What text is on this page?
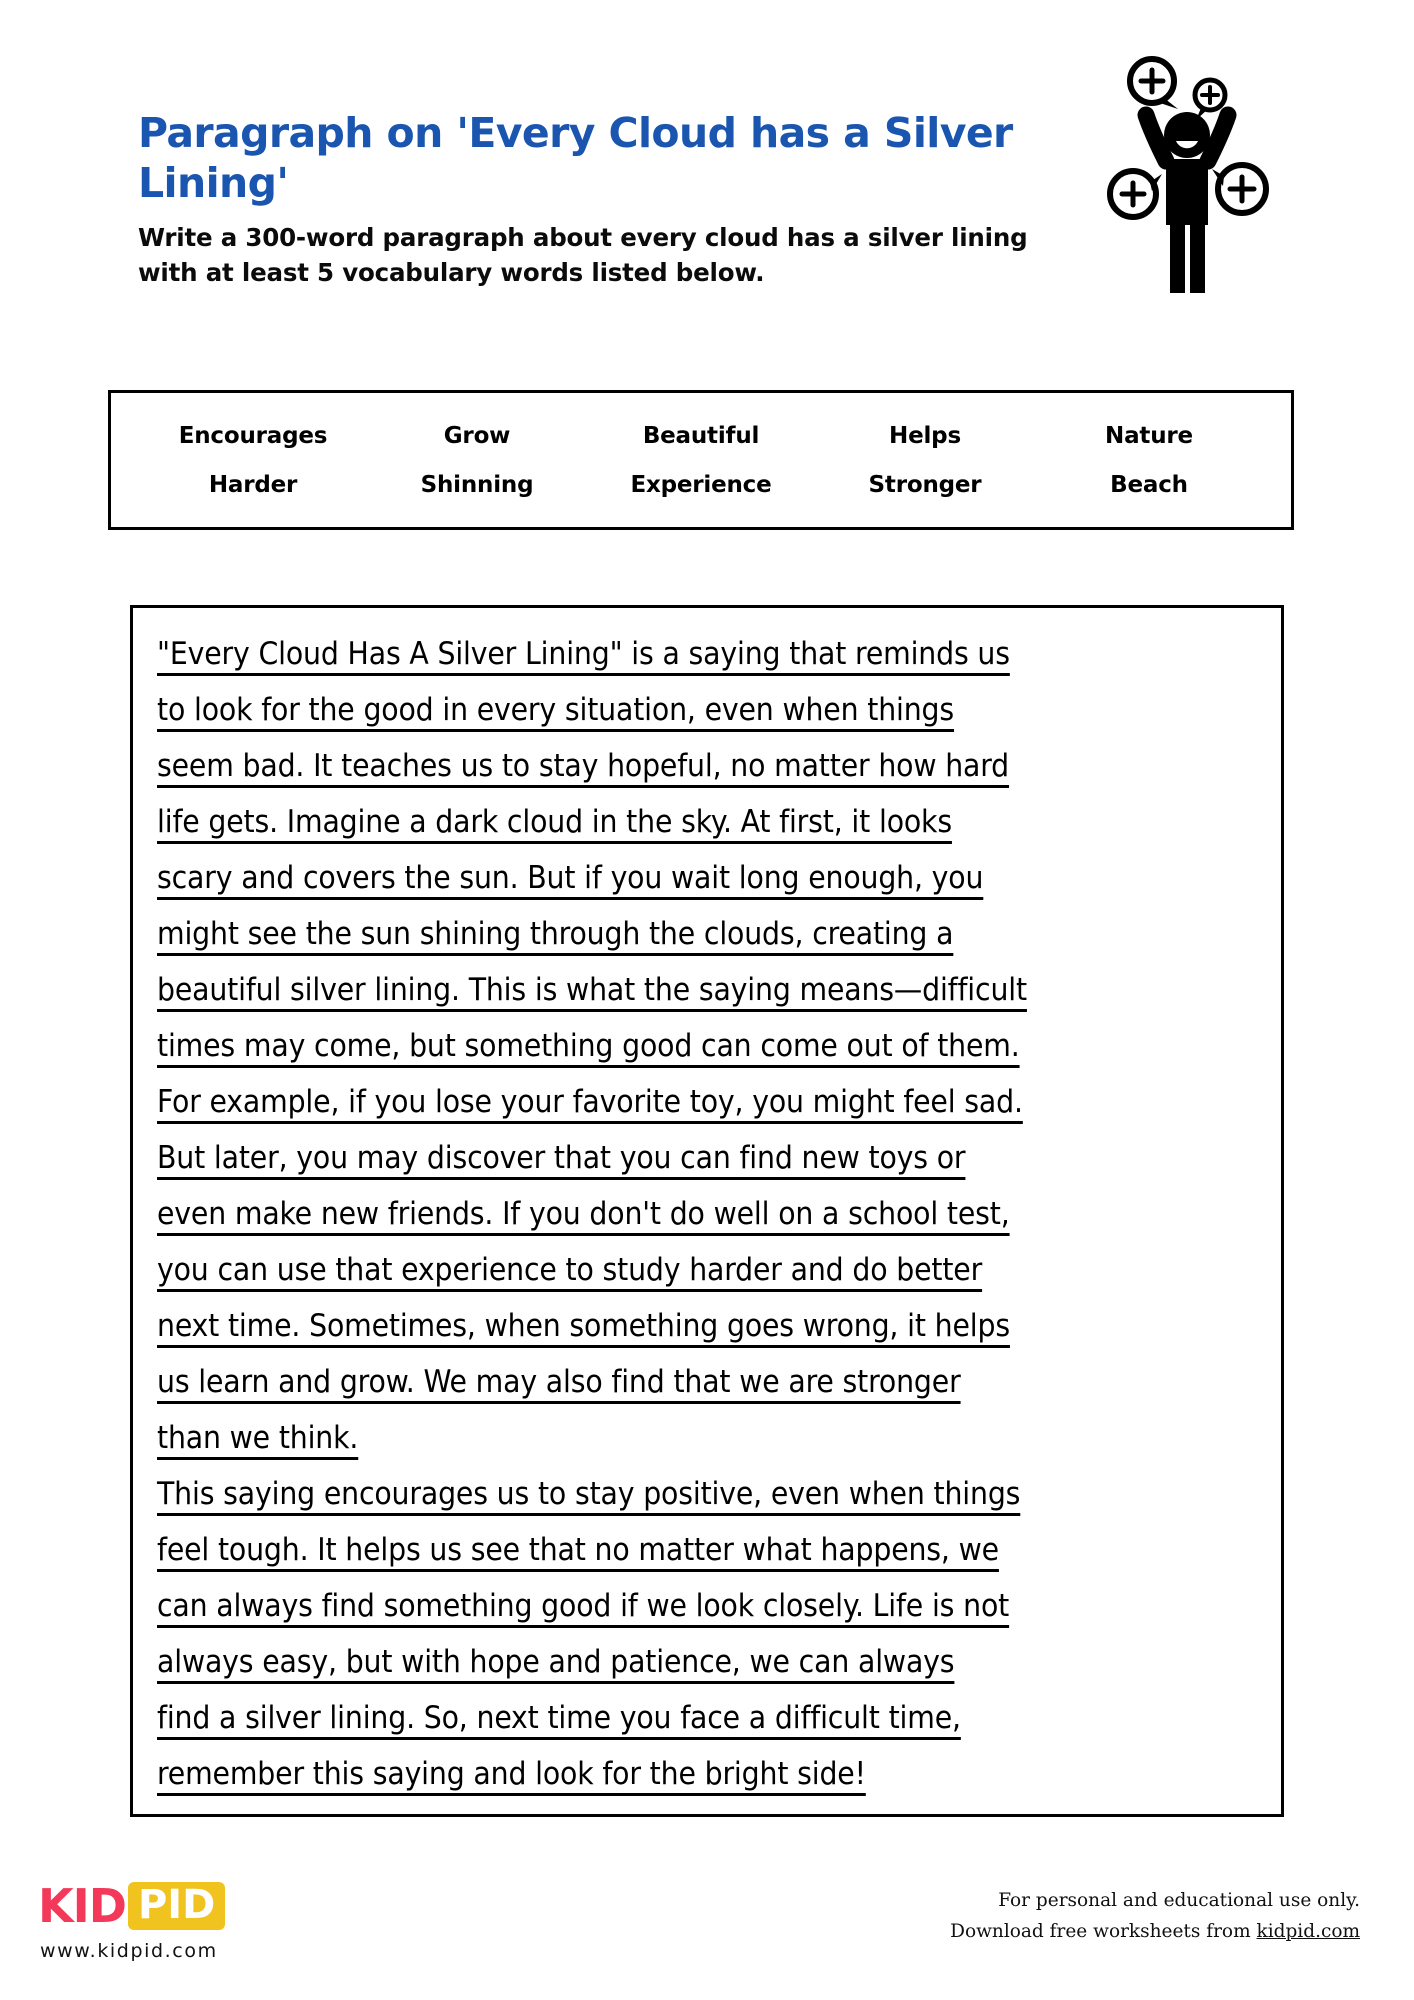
Paragraph on 'Every Cloud has a Silver Lining'

Write a 300-word paragraph about every cloud has a silver lining with at least 5 vocabulary words listed below.

Encourages	Grow	Beautiful	Helps	Nature
Harder	Shinning	Experience	Stronger	Beach
"Every Cloud Has A Silver Lining" is a saying that reminds us
to look for the good in every situation, even when things
seem bad. It teaches us to stay hopeful, no matter how hard
life gets. Imagine a dark cloud in the sky. At first, it looks
scary and covers the sun. But if you wait long enough, you
might see the sun shining through the clouds, creating a
beautiful silver lining. This is what the saying means—difficult
times may come, but something good can come out of them.
For example, if you lose your favorite toy, you might feel sad.
But later, you may discover that you can find new toys or
even make new friends. If you don't do well on a school test,
you can use that experience to study harder and do better
next time. Sometimes, when something goes wrong, it helps
us learn and grow. We may also find that we are stronger
than we think.
This saying encourages us to stay positive, even when things
feel tough. It helps us see that no matter what happens, we
can always find something good if we look closely. Life is not
always easy, but with hope and patience, we can always
find a silver lining. So, next time you face a difficult time,
remember this saying and look for the bright side!
KID PID
www.kidpid.com
For personal and educational use only.
Download free worksheets from kidpid.com
